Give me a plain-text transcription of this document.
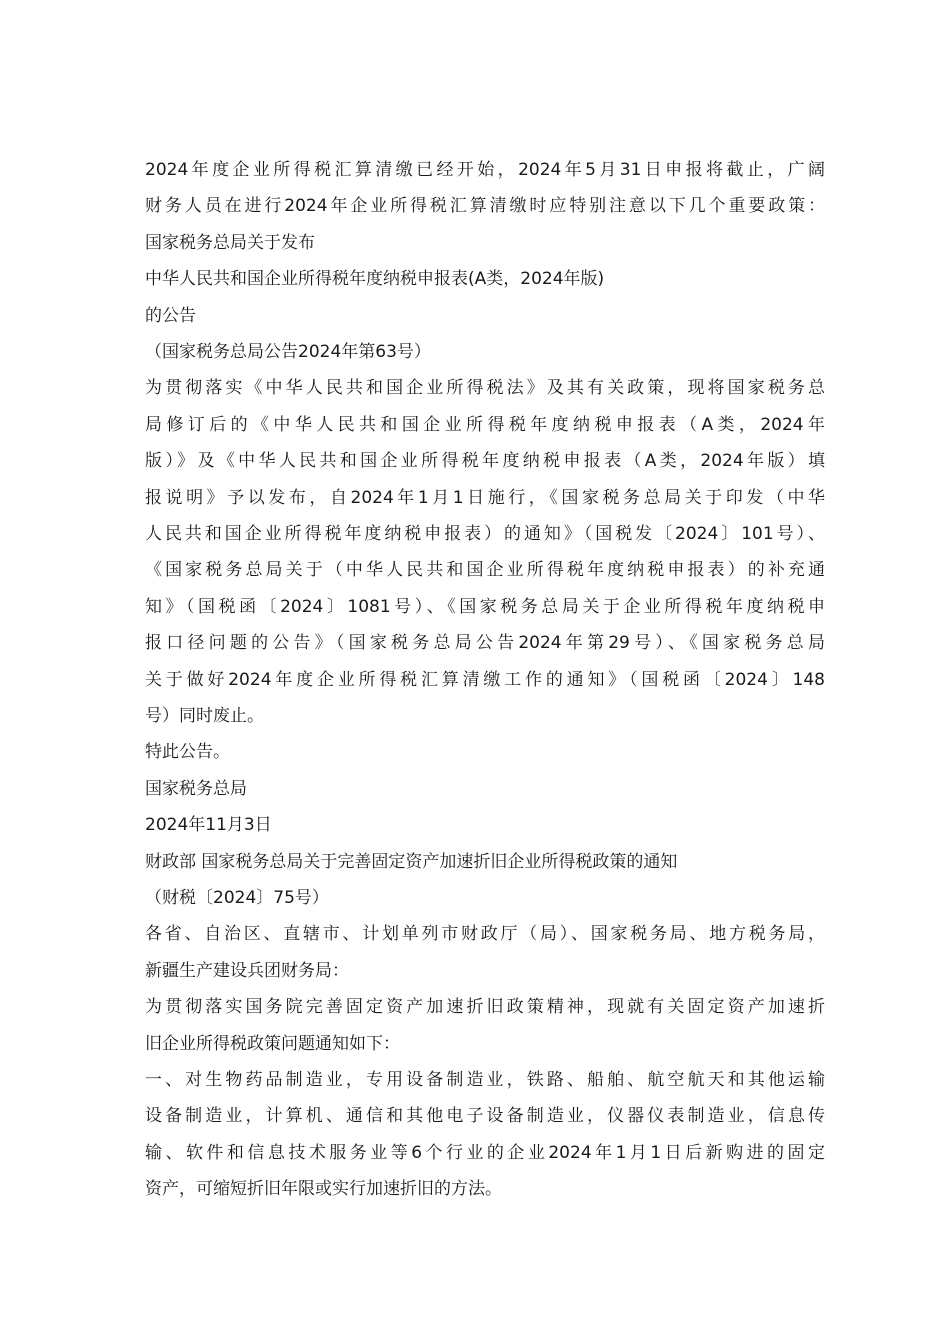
2024年度企业所得税汇算清缴已经开始，2024年5月31日申报将截止，广阔
财务人员在进行2024年企业所得税汇算清缴时应特别注意以下几个重要政策：
国家税务总局关于发布
中华人民共和国企业所得税年度纳税申报表(A类，2024年版)
的公告
（国家税务总局公告2024年第63号）
为贯彻落实《中华人民共和国企业所得税法》及其有关政策，现将国家税务总
局修订后的《中华人民共和国企业所得税年度纳税申报表（A类，2024年
版）》及《中华人民共和国企业所得税年度纳税申报表（A类，2024年版）填
报说明》予以发布，自2024年1月1日施行，《国家税务总局关于印发（中华
人民共和国企业所得税年度纳税申报表）的通知》（国税发〔2024〕101号）、
《国家税务总局关于（中华人民共和国企业所得税年度纳税申报表）的补充通
知》（国税函〔2024〕1081号）、《国家税务总局关于企业所得税年度纳税申
报口径问题的公告》（国家税务总局公告2024年第29号）、《国家税务总局
关于做好2024年度企业所得税汇算清缴工作的通知》（国税函〔2024〕148
号）同时废止。
特此公告。
国家税务总局
2024年11月3日
财政部 国家税务总局关于完善固定资产加速折旧企业所得税政策的通知
（财税〔2024〕75号）
各省、自治区、直辖市、计划单列市财政厅（局）、国家税务局、地方税务局，
新疆生产建设兵团财务局：
为贯彻落实国务院完善固定资产加速折旧政策精神，现就有关固定资产加速折
旧企业所得税政策问题通知如下：
一、对生物药品制造业，专用设备制造业，铁路、船舶、航空航天和其他运输
设备制造业，计算机、通信和其他电子设备制造业，仪器仪表制造业，信息传
输、软件和信息技术服务业等6个行业的企业2024年1月1日后新购进的固定
资产，可缩短折旧年限或实行加速折旧的方法。
